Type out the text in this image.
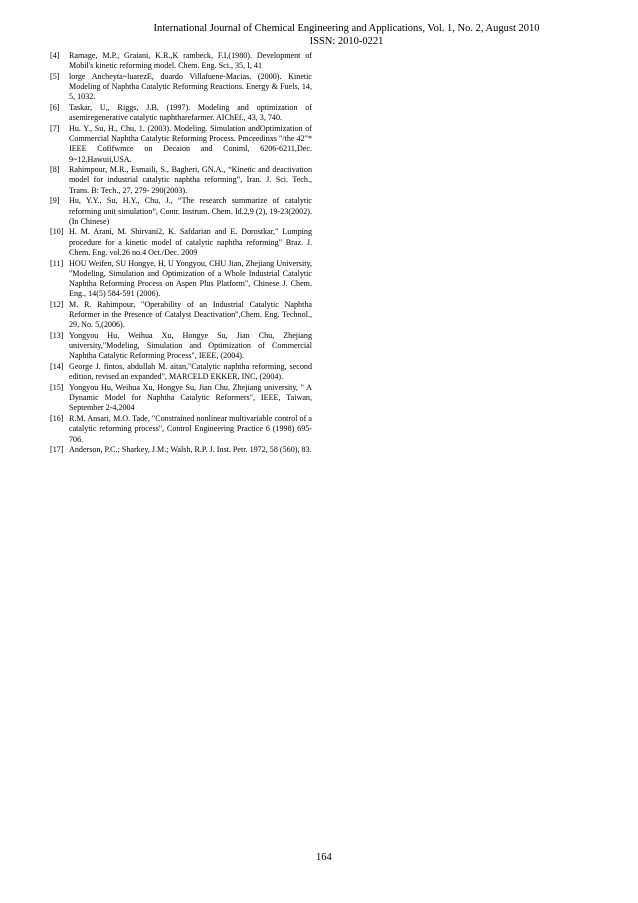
International Journal of Chemical Engineering and Applications, Vol. 1, No. 2, August 2010
ISSN: 2010-0221
[4] Ramage, M.P., Graiani, K.R.,K rambeck, F.I,(1980). Development of Mobil's kinetic reforming model. Chem. Eng. Sci., 35, I, 41
[5] lorge Ancheyta~luarezE, duardo Villafuene-Macias. (2000). Kinetic Modeling of Naphtha Catalytic Reforming Reactions. Energy & Fuels, 14, 5, 1032.
[6] Taskar, U,, Riggs, J.B. (1997). Modeling and optimization of asemiregenerative catalytic naphtharefarmer. AIChEf., 43, 3, 740.
[7] Hu. Y., Su, H., Chu, 1. (2003). Modeling. Simulation andOptimization of Commercial Naphtha Catalytic Reforming Process. Pmceedinxs "/the 42"* IEEE Cofifwmce on Decaion and Coniml, 6206-6211,Dec. 9~12,Hawuii,USA.
[8] Rahimpour, M.R., Esmaili, S., Bagheri, GN.A., “Kinetic and deactivation model for industrial catalytic naphtha reforming”, Iran. J. Sci. Tech., Trans. B: Tech., 27, 279- 290(2003).
[9] Hu, Y.Y., Su, H.Y., Chu, J., “The research summarize of catalytic reforming unit simulation”, Contr. Instrum. Chem. Id.2,9 (2), 19-23(2002). (In Chinese)
[10] H. M. Arani, M. Shirvani2, K. Safdarian and E. Dorostkar," Lumping procedure for a kinetic model of catalytic naphtha reforming" Braz. J. Chem. Eng. vol.26 no.4 Oct./Dec. 2009
[11] HOU Weifen, SU Hongye, H, U Yongyou, CHU Jian, Zhejiang University, "Modeling, Simulation and Optimization of a Whole Industrial Catalytic Naphtha Reforming Process on Aspen Plus Platform", Chinese J. Chem. Eng., 14(5) 584-591 (2006).
[12] M. R. Rahimpour, "Operability of an Industrial Catalytic Naphtha Reformer in the Presence of Catalyst Deactivation",Chem. Eng. Technol., 29, No. 5,(2006).
[13] Yongyou Hu, Weihua Xu, Hongye Su, Jian Chu, Zhejiang university,"Modeling, Simulation and Optimization of Commercial Naphtha Catalytic Reforming Process", IEEE, (2004).
[14] George J. fintos, abdullah M. aitan,"Catalytic naphtha reforming, second edition, revised an expanded", MARCELD EKKER, INC, (2004).
[15] Yongyou Hu, Weihua Xu, Hongye Su, Jian Chu, Zhejiang university, " A Dynamic Model for Naphtha Catalytic Reformers", IEEE, Taiwan, September 2-4,2004
[16] R.M. Ansari, M.O. Tade, "Constrained nonlinear multivariable control of a catalytic reforming process", Control Engineering Practice 6 (1998) 695-706.
[17] Anderson, P.C.; Sharkey, J.M.; Walsh, R.P. J. Inst. Petr. 1972, 58 (560), 83.
164
